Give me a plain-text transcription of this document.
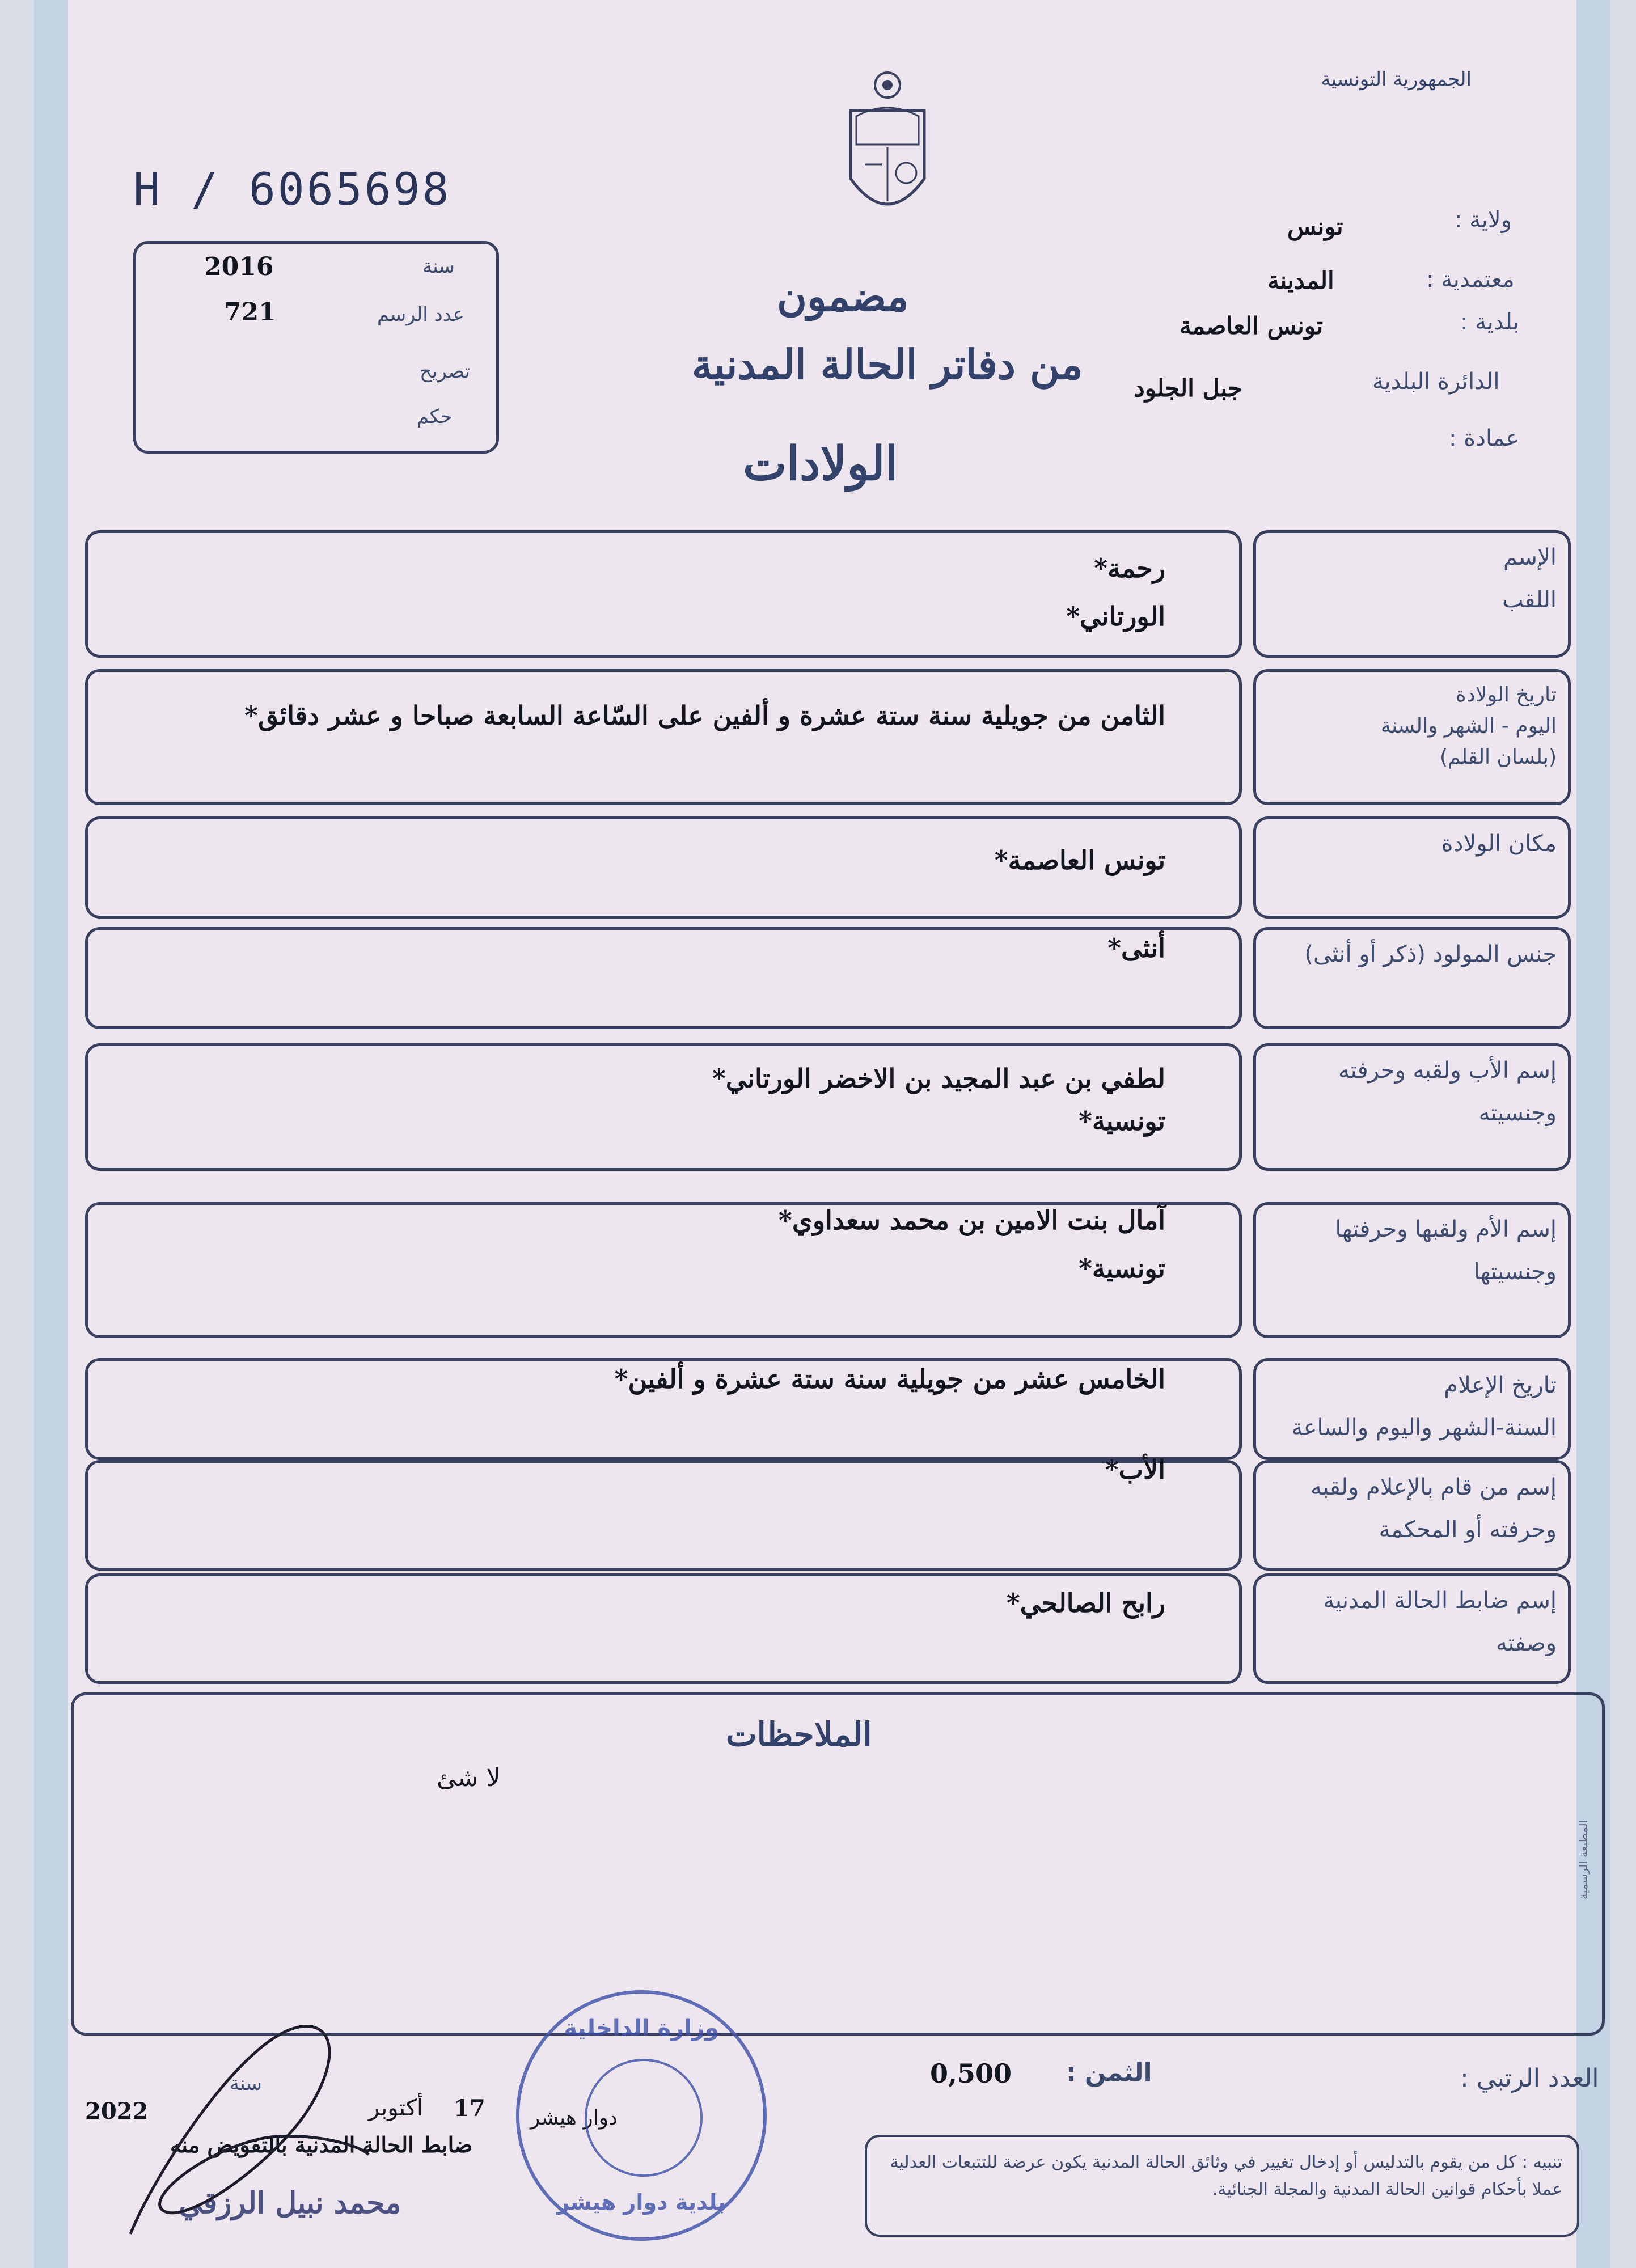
الجمهورية التونسية
H / 6065698
سنة
2016
عدد الرسم
721
تصريح
حكم
مضمون
من دفاتر الحالة المدنية
الولادات
ولاية :
تونس
معتمدية :
المدينة
بلدية :
تونس العاصمة
الدائرة البلدية
جبل الجلود
عمادة :
الإسم
اللقب
رحمة*
الورتاني*
تاريخ الولادة
اليوم - الشهر والسنة
(بلسان القلم)
الثامن من جويلية سنة ستة عشرة و ألفين على السّاعة السابعة صباحا و عشر دقائق*
مكان الولادة
تونس العاصمة*
جنس المولود (ذكر أو أنثى)
أنثى*
إسم الأب ولقبه وحرفته
وجنسيته
لطفي بن عبد المجيد بن الاخضر الورتاني*
تونسية*
إسم الأم ولقبها وحرفتها
وجنسيتها
آمال بنت الامين بن محمد سعداوي*
تونسية*
تاريخ الإعلام
السنة-الشهر واليوم والساعة
الخامس عشر من جويلية سنة ستة عشرة و ألفين*
إسم من قام بالإعلام ولقبه
وحرفته أو المحكمة
الأب*
إسم ضابط الحالة المدنية
وصفته
رابح الصالحي*
الملاحظات
لا شئ
المطبعة الرسمية
العدد الرتبي :
الثمن :
0,500
2022
سنة
دوار هيشر
أكتوبر 17
ضابط الحالة المدنية بالتفويض منه
محمد نبيل الرزقي
وزارة الداخلية
بلدية دوار هيشر
تنبيه : كل من يقوم بالتدليس أو إدخال تغيير في وثائق الحالة المدنية يكون عرضة للتتبعات العدلية عملا بأحكام قوانين الحالة المدنية والمجلة الجنائية.
